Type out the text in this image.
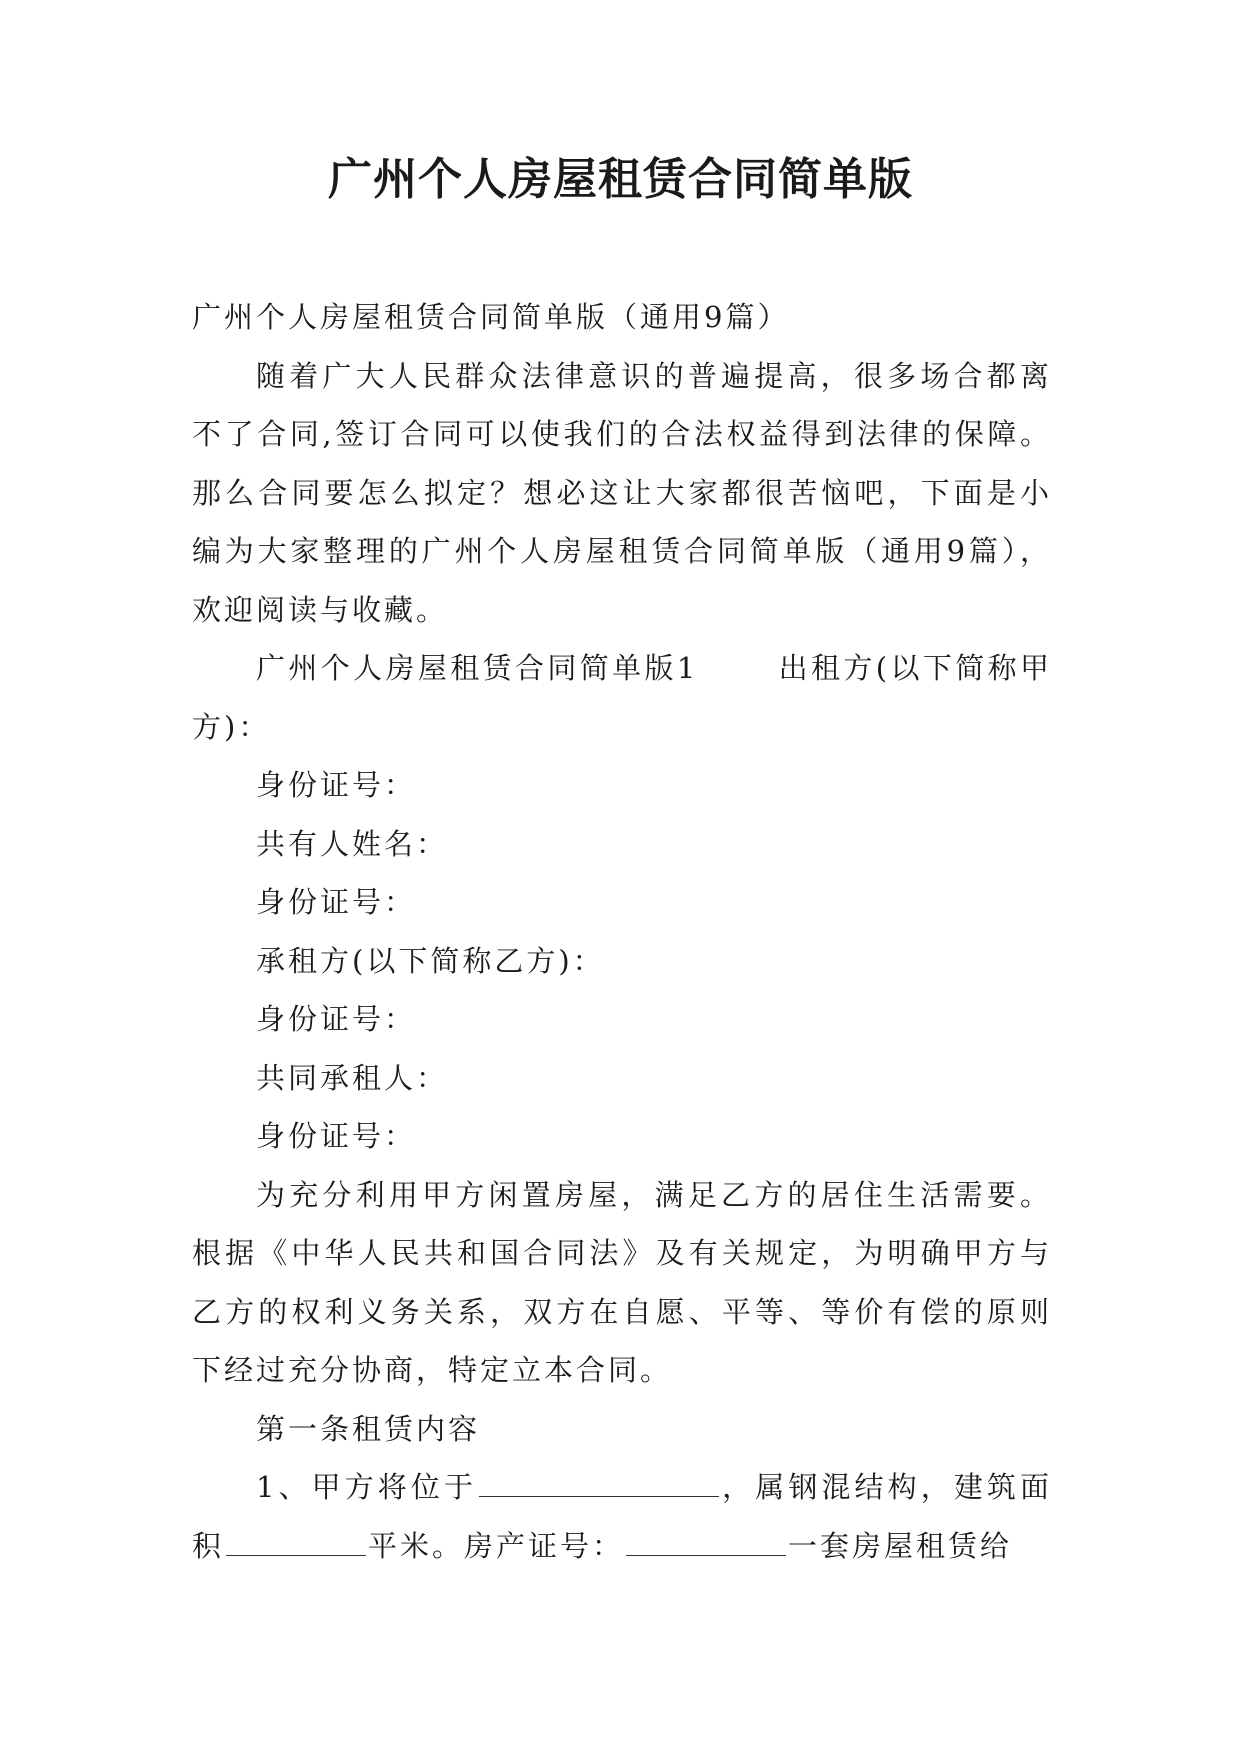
广州个人房屋租赁合同简单版

广州个人房屋租赁合同简单版（通用9篇）

随着广大人民群众法律意识的普遍提高，很多场合都离不了合同,签订合同可以使我们的合法权益得到法律的保障。那么合同要怎么拟定？想必这让大家都很苦恼吧，下面是小编为大家整理的广州个人房屋租赁合同简单版（通用9篇），欢迎阅读与收藏。

广州个人房屋租赁合同简单版1	出租方(以下简称甲方)：

身份证号：

共有人姓名：

身份证号：

承租方(以下简称乙方)：

身份证号：

共同承租人：

身份证号：

为充分利用甲方闲置房屋，满足乙方的居住生活需要。根据《中华人民共和国合同法》及有关规定，为明确甲方与乙方的权利义务关系，双方在自愿、平等、等价有偿的原则下经过充分协商，特定立本合同。

第一条租赁内容

1、甲方将位于	，属钢混结构，建筑面积	平米。房产证号：	一套房屋租赁给
